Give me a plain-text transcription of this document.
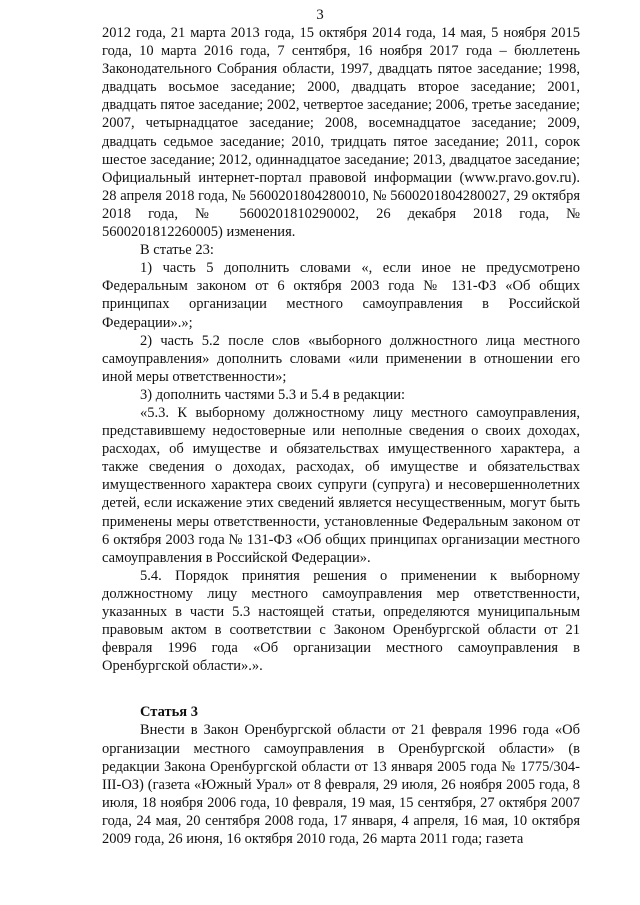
3

2012 года, 21 марта 2013 года, 15 октября 2014 года, 14 мая, 5 ноября 2015 года, 10 марта 2016 года, 7 сентября, 16 ноября 2017 года – бюллетень Законодательного Собрания области, 1997, двадцать пятое заседание; 1998, двадцать восьмое заседание; 2000, двадцать второе заседание; 2001, двадцать пятое заседание; 2002, четвертое заседание; 2006, третье заседание; 2007, четырнадцатое заседание; 2008, восемнадцатое заседание; 2009, двадцать седьмое заседание; 2010, тридцать пятое заседание; 2011, сорок шестое заседание; 2012, одиннадцатое заседание; 2013, двадцатое заседание; Официальный интернет-портал правовой информации (www.pravo.gov.ru). 28 апреля 2018 года, № 5600201804280010, № 5600201804280027, 29 октября 2018 года, № 5600201810290002, 26 декабря 2018 года, № 5600201812260005) изменения.

В статье 23:

1) часть 5 дополнить словами «, если иное не предусмотрено Федеральным законом от 6 октября 2003 года № 131-ФЗ «Об общих принципах организации местного самоуправления в Российской Федерации».»;

2) часть 5.2 после слов «выборного должностного лица местного самоуправления» дополнить словами «или применении в отношении его иной меры ответственности»;

3) дополнить частями 5.3 и 5.4 в редакции:

«5.3. К выборному должностному лицу местного самоуправления, представившему недостоверные или неполные сведения о своих доходах, расходах, об имуществе и обязательствах имущественного характера, а также сведения о доходах, расходах, об имуществе и обязательствах имущественного характера своих супруги (супруга) и несовершеннолетних детей, если искажение этих сведений является несущественным, могут быть применены меры ответственности, установленные Федеральным законом от 6 октября 2003 года № 131-ФЗ «Об общих принципах организации местного самоуправления в Российской Федерации».

5.4. Порядок принятия решения о применении к выборному должностному лицу местного самоуправления мер ответственности, указанных в части 5.3 настоящей статьи, определяются муниципальным правовым актом в соответствии с Законом Оренбургской области от 21 февраля 1996 года «Об организации местного самоуправления в Оренбургской области».».

Статья 3

Внести в Закон Оренбургской области от 21 февраля 1996 года «Об организации местного самоуправления в Оренбургской области» (в редакции Закона Оренбургской области от 13 января 2005 года № 1775/304-III-ОЗ) (газета «Южный Урал» от 8 февраля, 29 июля, 26 ноября 2005 года, 8 июля, 18 ноября 2006 года, 10 февраля, 19 мая, 15 сентября, 27 октября 2007 года, 24 мая, 20 сентября 2008 года, 17 января, 4 апреля, 16 мая, 10 октября 2009 года, 26 июня, 16 октября 2010 года, 26 марта 2011 года; газета
